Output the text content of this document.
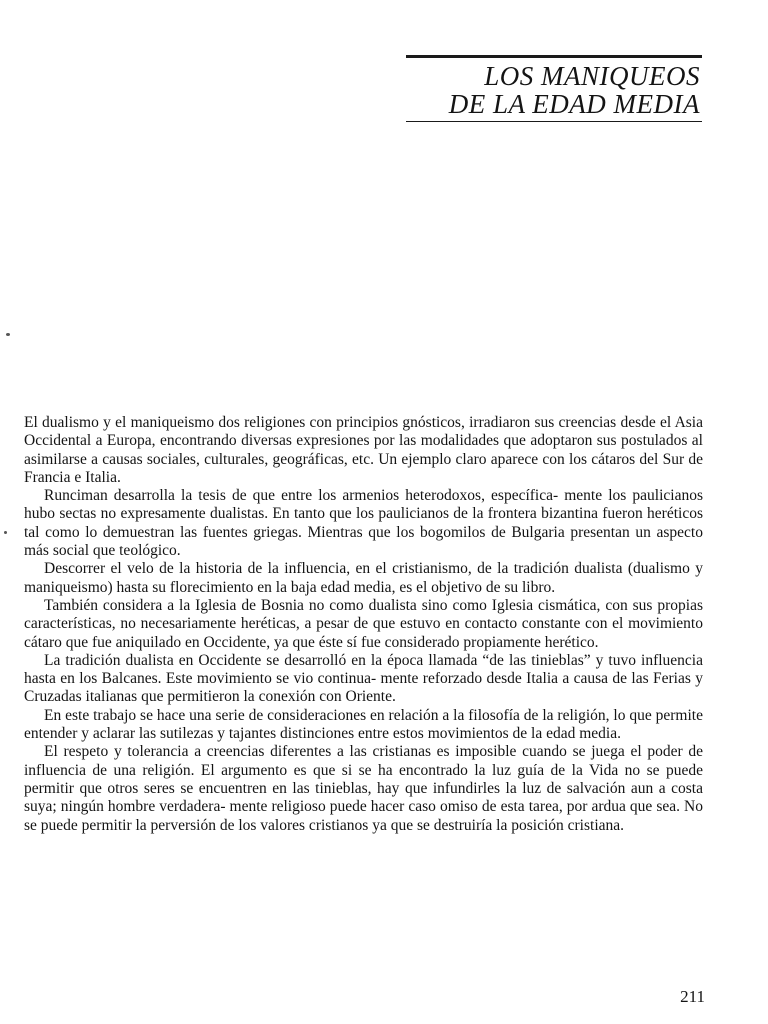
LOS MANIQUEOS
DE LA EDAD MEDIA

El dualismo y el maniqueismo dos religiones con principios gnósticos, irradiaron sus creencias desde el Asia Occidental a Europa, encontrando diversas expresiones por las modalidades que adoptaron sus postulados al asimilarse a causas sociales, culturales, geográficas, etc. Un ejemplo claro aparece con los cátaros del Sur de Francia e Italia.

Runciman desarrolla la tesis de que entre los armenios heterodoxos, específica- mente los paulicianos hubo sectas no expresamente dualistas. En tanto que los paulicianos de la frontera bizantina fueron heréticos tal como lo demuestran las fuentes griegas. Mientras que los bogomilos de Bulgaria presentan un aspecto más social que teológico.

Descorrer el velo de la historia de la influencia, en el cristianismo, de la tradición dualista (dualismo y maniqueismo) hasta su florecimiento en la baja edad media, es el objetivo de su libro.

También considera a la Iglesia de Bosnia no como dualista sino como Iglesia cismática, con sus propias características, no necesariamente heréticas, a pesar de que estuvo en contacto constante con el movimiento cátaro que fue aniquilado en Occidente, ya que éste sí fue considerado propiamente herético.

La tradición dualista en Occidente se desarrolló en la época llamada “de las tinieblas” y tuvo influencia hasta en los Balcanes. Este movimiento se vio continua- mente reforzado desde Italia a causa de las Ferias y Cruzadas italianas que permitieron la conexión con Oriente.

En este trabajo se hace una serie de consideraciones en relación a la filosofía de la religión, lo que permite entender y aclarar las sutilezas y tajantes distinciones entre estos movimientos de la edad media.

El respeto y tolerancia a creencias diferentes a las cristianas es imposible cuando se juega el poder de influencia de una religión. El argumento es que si se ha encontrado la luz guía de la Vida no se puede permitir que otros seres se encuentren en las tinieblas, hay que infundirles la luz de salvación aun a costa suya; ningún hombre verdadera- mente religioso puede hacer caso omiso de esta tarea, por ardua que sea. No se puede permitir la perversión de los valores cristianos ya que se destruiría la posición cristiana.

211
